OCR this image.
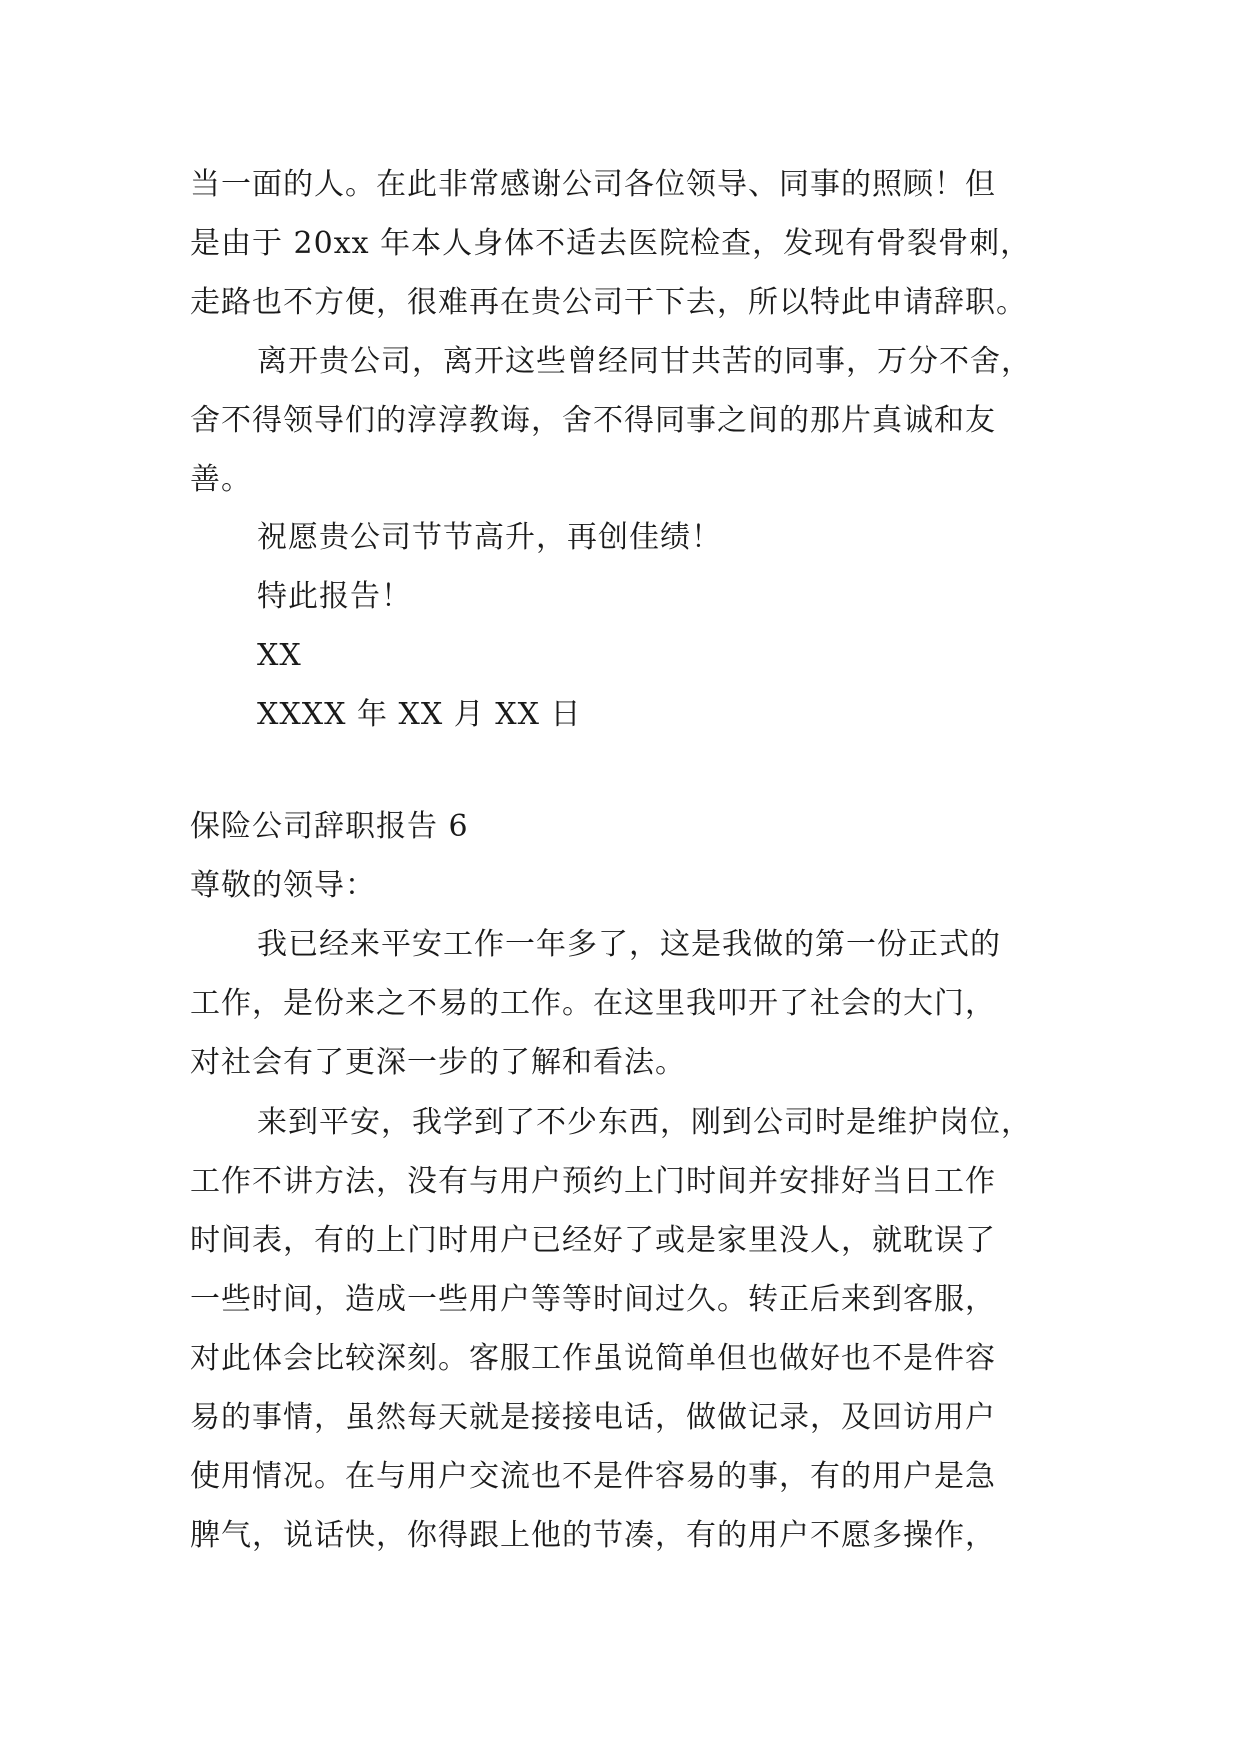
当一面的人。在此非常感谢公司各位领导、同事的照顾！但

是由于 20xx 年本人身体不适去医院检查，发现有骨裂骨刺，

走路也不方便，很难再在贵公司干下去，所以特此申请辞职。

离开贵公司，离开这些曾经同甘共苦的同事，万分不舍，

舍不得领导们的淳淳教诲，舍不得同事之间的那片真诚和友

善。

祝愿贵公司节节高升，再创佳绩！

特此报告！

XX

XXXX 年 XX 月 XX 日

保险公司辞职报告 6

尊敬的领导：

我已经来平安工作一年多了，这是我做的第一份正式的

工作，是份来之不易的工作。在这里我叩开了社会的大门，

对社会有了更深一步的了解和看法。

来到平安，我学到了不少东西，刚到公司时是维护岗位，

工作不讲方法，没有与用户预约上门时间并安排好当日工作

时间表，有的上门时用户已经好了或是家里没人，就耽误了

一些时间，造成一些用户等等时间过久。转正后来到客服，

对此体会比较深刻。客服工作虽说简单但也做好也不是件容

易的事情，虽然每天就是接接电话，做做记录，及回访用户

使用情况。在与用户交流也不是件容易的事，有的用户是急

脾气，说话快，你得跟上他的节凑，有的用户不愿多操作，
